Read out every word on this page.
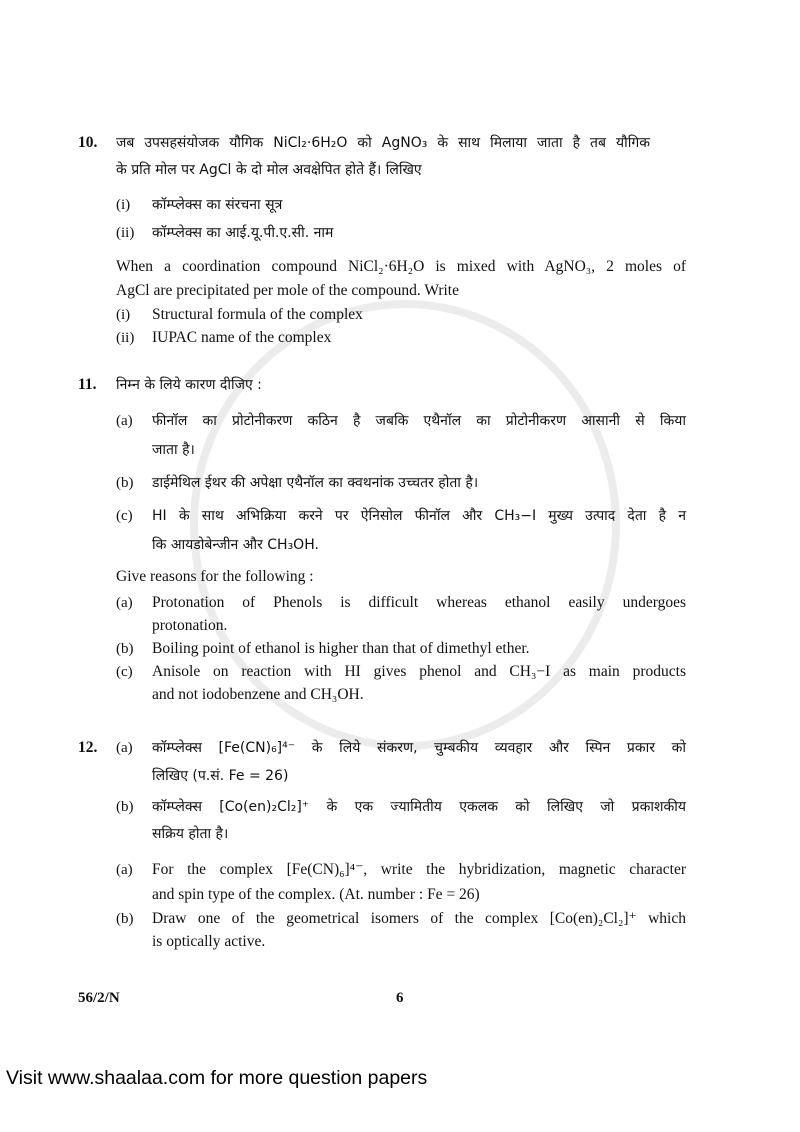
10. जब उपसहसंयोजक यौगिक NiCl₂·6H₂O को AgNO₃ के साथ मिलाया जाता है तब यौगिक
के प्रति मोल पर AgCl के दो मोल अवक्षेपित होते हैं। लिखिए
(i) कॉम्प्लेक्स का संरचना सूत्र
(ii) कॉम्प्लेक्स का आई.यू.पी.ए.सी. नाम
When a coordination compound NiCl₂·6H₂O is mixed with AgNO₃, 2 moles of
AgCl are precipitated per mole of the compound. Write
(i) Structural formula of the complex
(ii) IUPAC name of the complex
11. निम्न के लिये कारण दीजिए :
(a) फीनॉल का प्रोटोनीकरण कठिन है जबकि एथैनॉल का प्रोटोनीकरण आसानी से किया
जाता है।
(b) डाईमेथिल ईथर की अपेक्षा एथैनॉल का क्वथनांक उच्चतर होता है।
(c) HI के साथ अभिक्रिया करने पर ऐनिसोल फीनॉल और CH₃−I मुख्य उत्पाद देता है न
कि आयडोबेन्जीन और CH₃OH.
Give reasons for the following :
(a) Protonation of Phenols is difficult whereas ethanol easily undergoes
protonation.
(b) Boiling point of ethanol is higher than that of dimethyl ether.
(c) Anisole on reaction with HI gives phenol and CH₃−I as main products
and not iodobenzene and CH₃OH.
12. (a) कॉम्प्लेक्स [Fe(CN)₆]⁴⁻ के लिये संकरण, चुम्बकीय व्यवहार और स्पिन प्रकार को
लिखिए (प.सं. Fe = 26)
(b) कॉम्प्लेक्स [Co(en)₂Cl₂]⁺ के एक ज्यामितीय एकलक को लिखिए जो प्रकाशकीय
सक्रिय होता है।
(a) For the complex [Fe(CN)₆]⁴⁻, write the hybridization, magnetic character
and spin type of the complex. (At. number : Fe = 26)
(b) Draw one of the geometrical isomers of the complex [Co(en)₂Cl₂]⁺ which
is optically active.
56/2/N	6
Visit www.shaalaa.com for more question papers
